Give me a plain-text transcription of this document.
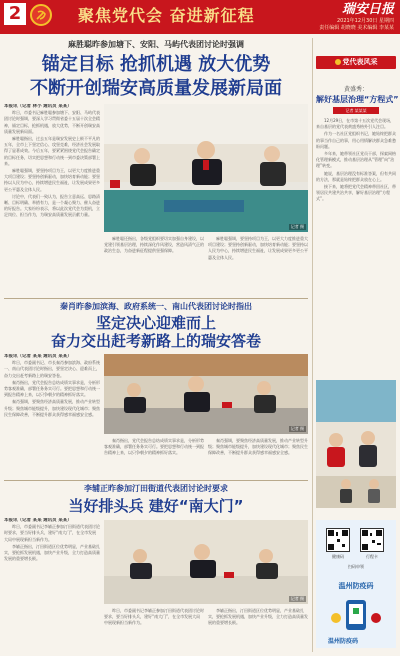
2	聚焦党代会 奋进新征程	瑞安日报
2021年12月30日 星期四
责任编辑 胡晓晓 美术编辑 李某某
麻胜聪昨参加塘下、安阳、马屿代表团讨论时强调
锚定目标 抢抓机遇 放大优势
不断开创瑞安高质量发展新局面
本报讯（记者 林小 通讯员 某某）

昨日，市委书记麻胜聪参加塘下、安阳、马屿代表团讨论时强调，要深入学习贯彻省委十五届十次全会精神，锚定目标，抢抓机遇，放大优势，不断开创瑞安高质量发展新局面。

麻胜聪指出，过去五年是瑞安发展史上极不平凡的五年，全市上下坚定信心、攻坚克难，经济社会发展取得了显著成效。今后五年，要紧紧围绕党代会报告确定的目标任务，切实把思想和行动统一到市委决策部署上来。

麻胜聪强调，要坚持项目为王，以更大力度推进重大项目建设；要坚持创新驱动，加快培育新动能；要坚持以人民为中心，持续增进民生福祉，让发展成果更多更公平惠及全体人民。

讨论中，代表们一致认为，报告立意高远、思路清晰、目标明确、举措有力，是一个凝心聚力、催人奋进的好报告。大家纷纷表示，将以此次党代会为契机，立足岗位、担当作为，为瑞安高质量发展贡献力量。

记者 摄

麻胜聪还指出，各级党组织要切实加强自身建设，以党建引领基层治理，持续深化作风建设，营造风清气正的政治生态，为奋进新征程提供坚强保障。

麻胜聪强调，要坚持项目为王，以更大力度推进重大项目建设；要坚持创新驱动，加快培育新动能；要坚持以人民为中心，持续增进民生福祉，让发展成果更多更公平惠及全体人民。

秦肖昨参加滨海、政府系统一、南山代表团讨论时指出
坚定决心迎难而上
奋力交出赶考新路上的瑞安答卷
本报讯（记者 某某 通讯员 某某）

昨日，市委副书记、市长秦肖参加滨海、政府系统一、南山代表团讨论时指出，要坚定决心、迎难而上，奋力交出赶考新路上的瑞安答卷。

秦肖指出，党代会报告总结成绩实事求是，分析形势客观准确，部署任务务实可行。要把思想和行动统一到报告精神上来，以只争朝夕的精神抓好落实。

秦肖强调，要聚焦经济高质量发展，推动产业转型升级；聚焦城市能级提升，加快建设现代化城市；聚焦民生保障改善，不断提升群众获得感幸福感安全感。

记者 摄

秦肖指出，党代会报告总结成绩实事求是，分析形势客观准确，部署任务务实可行。要把思想和行动统一到报告精神上来，以只争朝夕的精神抓好落实。

秦肖强调，要聚焦经济高质量发展，推动产业转型升级；聚焦城市能级提升，加快建设现代化城市；聚焦民生保障改善，不断提升群众获得感幸福感安全感。

李辅正昨参加汀田街道代表团讨论时要求
当好排头兵 建好“南大门”
本报讯（记者 某某 通讯员 某某）

昨日，市委副书记李辅正参加汀田街道代表团讨论时要求，要当好排头兵，建好“南大门”，在全市发展大局中展现新担当新作为。

李辅正指出，汀田街道区位优势明显，产业基础扎实，要抢抓发展机遇，加快产业升级，全力打造高质量发展的重要增长极。

记者 摄

昨日，市委副书记李辅正参加汀田街道代表团讨论时要求，要当好排头兵，建好“南大门”，在全市发展大局中展现新担当新作为。

李辅正指出，汀田街道区位优势明显，产业基础扎实，要抢抓发展机遇，加快产业升级，全力打造高质量发展的重要增长极。

党代表风采
黄盛秀：
解好基层治理“方程式”
记者 某某某

12月29日，在市第十五次党代会现场，来自基层的党代表黄盛秀格外引人注目。

作为一名社区党组织书记，她始终把群众的事当作自己的事，用心用情解决群众急难愁盼问题。

多年来，她带领社区党员干部，探索网格化管理新模式，推动基层治理从“管理”向“治理”转变。

她说，基层治理没有标准答案，但有共同的方法，那就是始终把群众放在心上。

接下来，她将把党代会精神带回社区，带领居民共建共治共享，解好基层治理“方程式”。

健康码	行程卡
扫码申领
温州防疫码
温州防疫码
